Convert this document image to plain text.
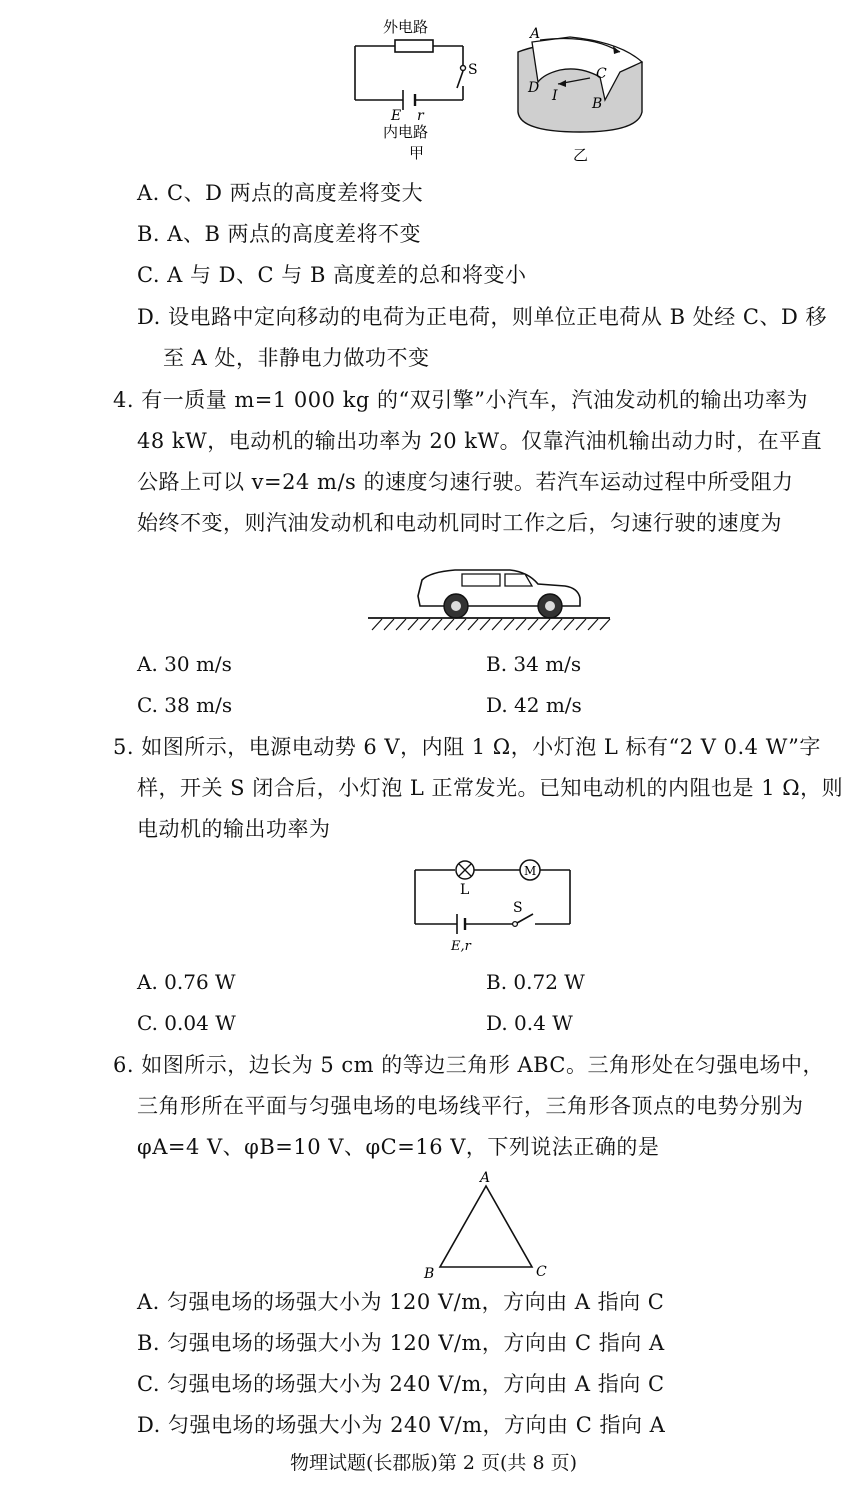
外电路
S
E r
内电路
甲
A
C
D I B
乙
A. C、D 两点的高度差将变大
B. A、B 两点的高度差将不变
C. A 与 D、C 与 B 高度差的总和将变小
D. 设电路中定向移动的电荷为正电荷，则单位正电荷从 B 处经 C、D 移
至 A 处，非静电力做功不变
4. 有一质量 m=1 000 kg 的“双引擎”小汽车，汽油发动机的输出功率为
48 kW，电动机的输出功率为 20 kW。仅靠汽油机输出动力时，在平直
公路上可以 v=24 m/s 的速度匀速行驶。若汽车运动过程中所受阻力
始终不变，则汽油发动机和电动机同时工作之后，匀速行驶的速度为
A. 30 m/s	B. 34 m/s
C. 38 m/s	D. 42 m/s
5. 如图所示，电源电动势 6 V，内阻 1 Ω，小灯泡 L 标有“2 V 0.4 W”字
样，开关 S 闭合后，小灯泡 L 正常发光。已知电动机的内阻也是 1 Ω，则
电动机的输出功率为
M
L
S
E,r
A. 0.76 W	B. 0.72 W
C. 0.04 W	D. 0.4 W
6. 如图所示，边长为 5 cm 的等边三角形 ABC。三角形处在匀强电场中，
三角形所在平面与匀强电场的电场线平行，三角形各顶点的电势分别为
φA=4 V、φB=10 V、φC=16 V，下列说法正确的是
A
B	C
A. 匀强电场的场强大小为 120 V/m，方向由 A 指向 C
B. 匀强电场的场强大小为 120 V/m，方向由 C 指向 A
C. 匀强电场的场强大小为 240 V/m，方向由 A 指向 C
D. 匀强电场的场强大小为 240 V/m，方向由 C 指向 A
物理试题(长郡版)第 2 页(共 8 页)
